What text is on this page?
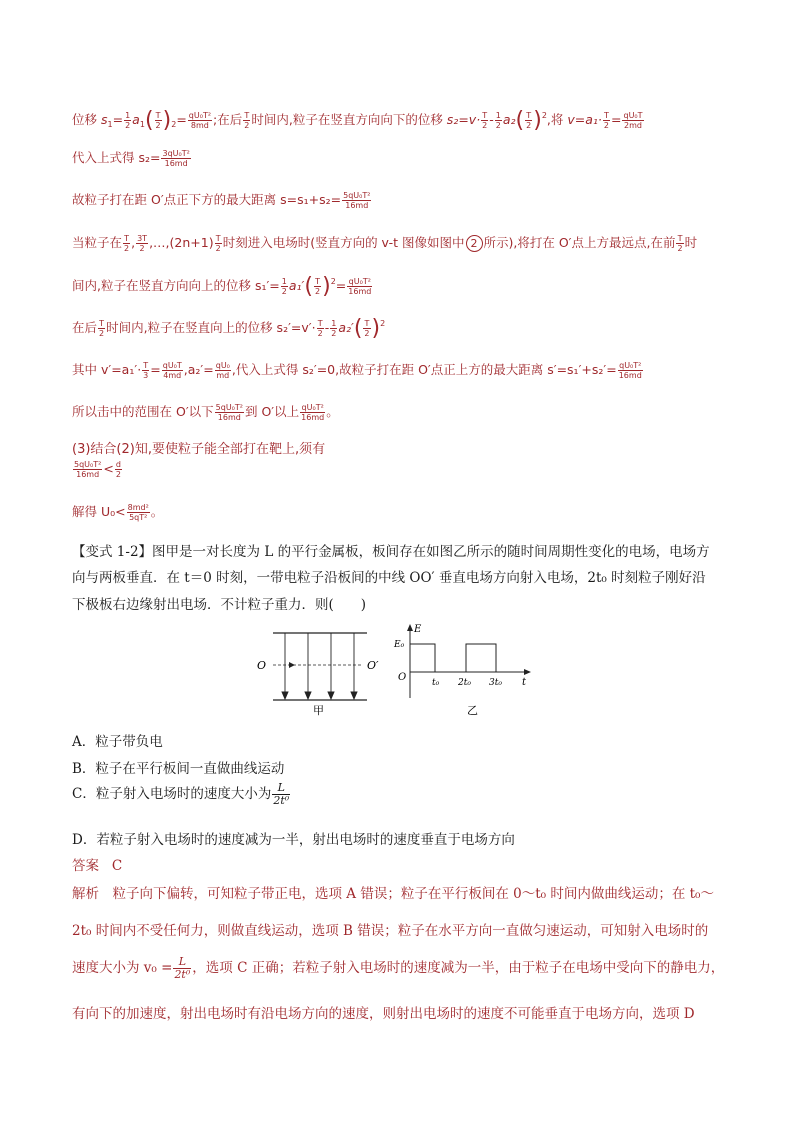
位移 $s_1= \frac{1}{2} a_1( \frac{T}{2} )_2= \frac{\text{qU₀T²}}{8md}$ ;在后 $\frac{T}{2}$ 时间内,粒子在竖直方向向下的位移 $s_2=v\cdot \frac{T}{2} - \frac{1}{2} a_2( \frac{T}{2} )^2$,将 $v=a_1\cdot \frac{T}{2} = \frac{\text{qU₀T}}{2md}$
代入上式得 $s_2= \frac{\text{3qU₀T²}}{16md}$
故粒子打在距 O′点正下方的最大距离 $s=s_1+s_2= \frac{\text{5qU₀T²}}{16md}$
当粒子在 $\frac{T}{2}$ , $\frac{3T}{2}$ ,…,(2n+1) $\frac{T}{2}$ 时刻进入电场时(竖直方向的 v-t 图像如图中 2 所示),将打在 O′点上方最远点,在前 $\frac{T}{2}$ 时
间内,粒子在竖直方向向上的位移 $s_1'= \frac{1}{2} a_1'( \frac{T}{2} )^2= \frac{\text{qU₀T²}}{16md}$
在后 $\frac{T}{2}$ 时间内,粒子在竖直向上的位移 $s_2'=v'\cdot \frac{T}{2} - \frac{1}{2} a_2'( \frac{T}{2} )^2$
其中 $v'=a_1'\cdot \frac{T}{3} = \frac{\text{qU₀T}}{4md} ,a_2'= \frac{\text{qU₀}}{md}$ ,代入上式得 s₂′=0,故粒子打在距 O′点正上方的最大距离 $s'=s_1'+s_2'= \frac{\text{qU₀T²}}{16md}$
所以击中的范围在 O′以下 $\frac{\text{5qU₀T²}}{16md}$ 到 O′以上 $\frac{\text{qU₀T²}}{16md}$ 。
(3)结合(2)知,要使粒子能全部打在靶上,须有
$\frac{\text{5qU₀T²}}{16md} < \frac{d}{2}$
解得 $U_0< \frac{\text{8md²}}{\text{5qT²}}$ 。
【变式 1-2】图甲是一对长度为 L 的平行金属板，板间存在如图乙所示的随时间周期性变化的电场，电场方
向与两板垂直．在 t＝0 时刻，一带电粒子沿板间的中线 OO′ 垂直电场方向射入电场，2t₀ 时刻粒子刚好沿
下极板右边缘射出电场．不计粒子重力．则(　　)
O	O′
甲
E
E₀
O	t₀ 2t₀ 3t₀ t
乙
A．粒子带负电
B．粒子在平行板间一直做曲线运动
C．粒子射入电场时的速度大小为 $\frac{L}{\text{2t⁰}}$
D．若粒子射入电场时的速度减为一半，射出电场时的速度垂直于电场方向
答案 C
解析　粒子向下偏转，可知粒子带正电，选项 A 错误；粒子在平行板间在 0～t₀ 时间内做曲线运动；在 t₀～
2t₀ 时间内不受任何力，则做直线运动，选项 B 错误；粒子在水平方向一直做匀速运动，可知射入电场时的
速度大小为 $v_0 = \frac{L}{\text{2t⁰}}$ ，选项 C 正确；若粒子射入电场时的速度减为一半，由于粒子在电场中受向下的静电力，
有向下的加速度，射出电场时有沿电场方向的速度，则射出电场时的速度不可能垂直于电场方向，选项 D
